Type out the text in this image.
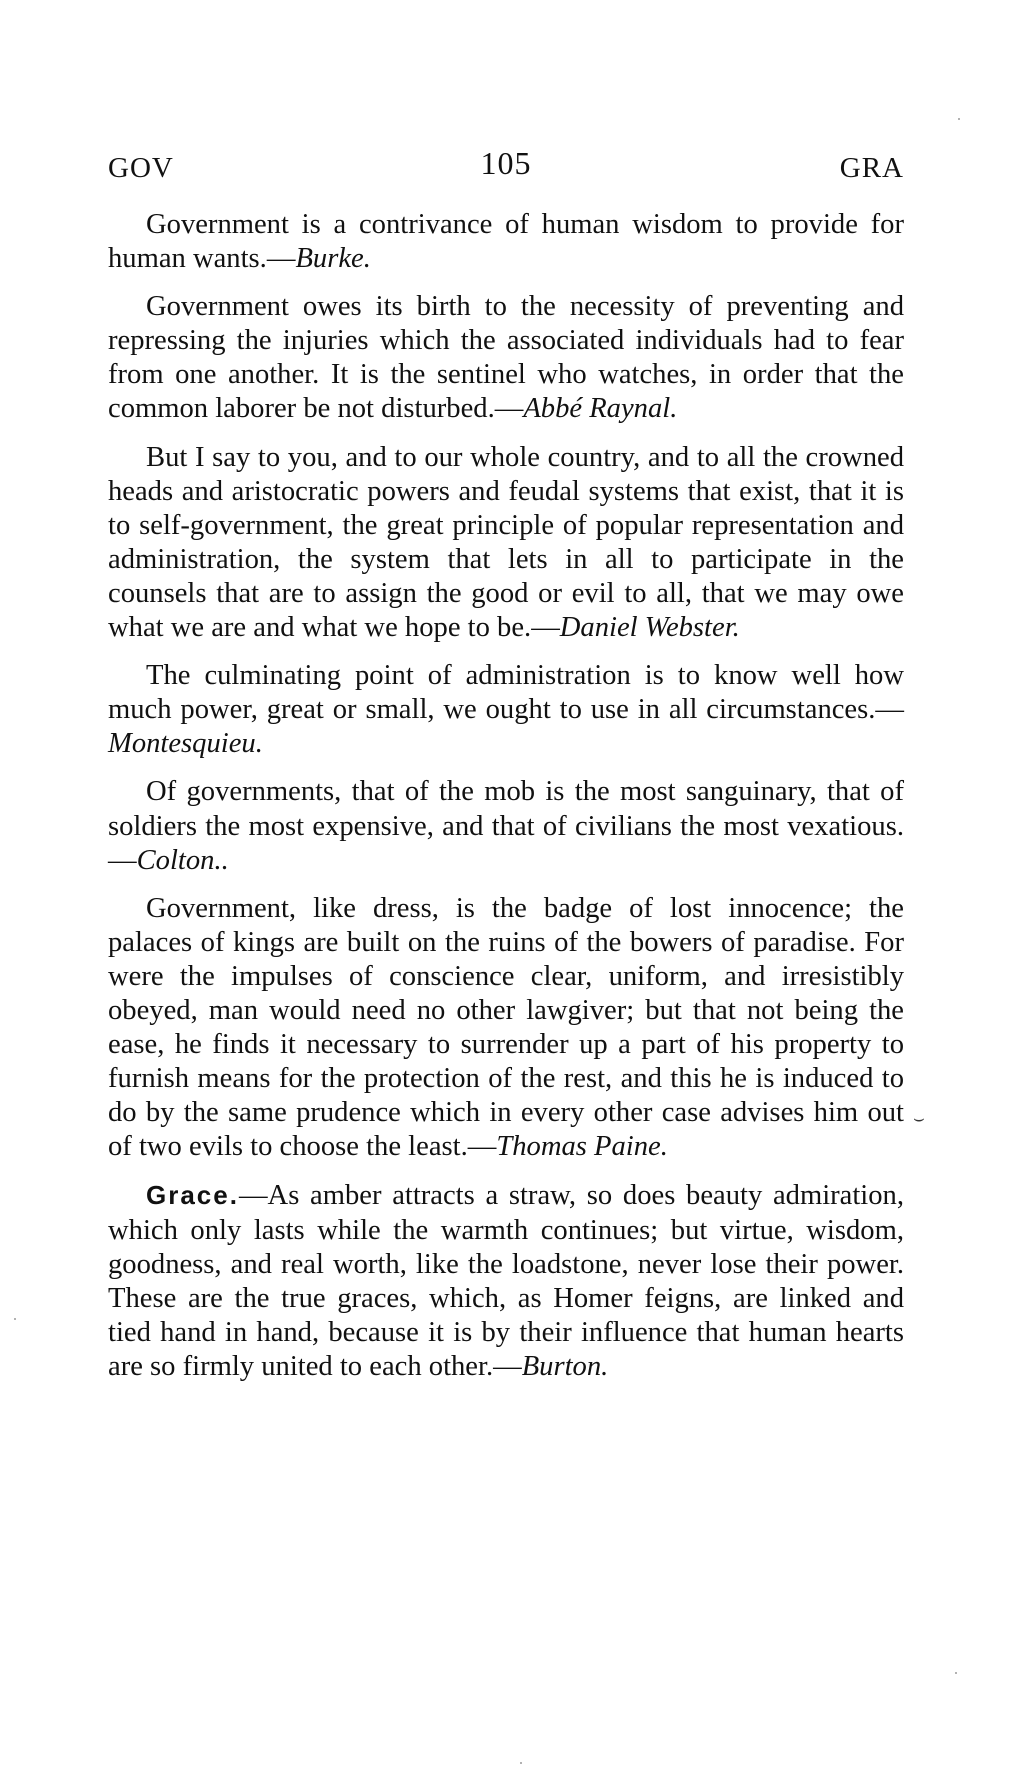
GOV	105	GRA

Government is a contrivance of human wisdom to provide for human wants.—Burke.

Government owes its birth to the necessity of preventing and repressing the injuries which the associated individuals had to fear from one another. It is the sentinel who watches, in order that the common laborer be not disturbed.—Abbé Raynal.

But I say to you, and to our whole country, and to all the crowned heads and aristocratic powers and feudal systems that exist, that it is to self-government, the great principle of popular representation and administration, the system that lets in all to participate in the counsels that are to assign the good or evil to all, that we may owe what we are and what we hope to be.—Daniel Webster.

The culminating point of administration is to know well how much power, great or small, we ought to use in all circumstances.—Montesquieu.

Of governments, that of the mob is the most sanguinary, that of soldiers the most expensive, and that of civilians the most vexatious.—Colton..

Government, like dress, is the badge of lost innocence; the palaces of kings are built on the ruins of the bowers of paradise. For were the impulses of conscience clear, uniform, and irresistibly obeyed, man would need no other lawgiver; but that not being the ease, he finds it necessary to surrender up a part of his property to furnish means for the protection of the rest, and this he is induced to do by the same prudence which in every other case advises him out of two evils to choose the least.—Thomas Paine.

Grace.—As amber attracts a straw, so does beauty admiration, which only lasts while the warmth continues; but virtue, wisdom, goodness, and real worth, like the loadstone, never lose their power. These are the true graces, which, as Homer feigns, are linked and tied hand in hand, because it is by their influence that human hearts are so firmly united to each other.—Burton.

⌣
